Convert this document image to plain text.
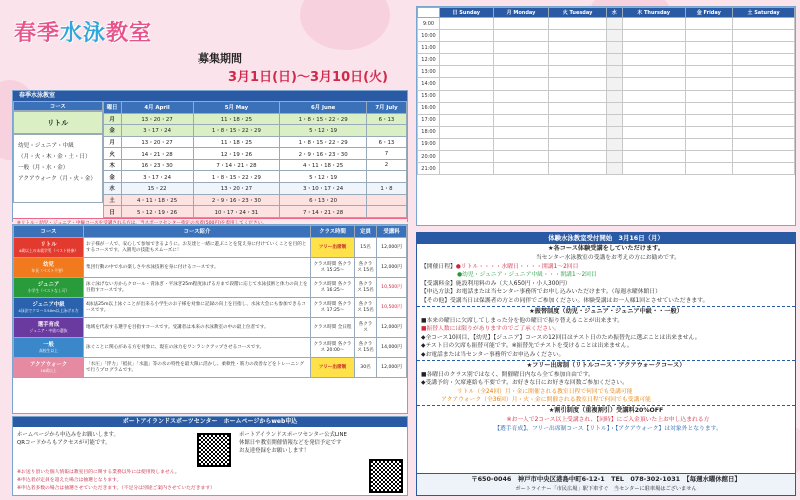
春季水泳教室
募集期間
3月1日(日)～3月10日(火)
春季水泳教室
コース
リトル
幼児・ジュニア・中級
（月・火・木・金・土・日）
一般（月・水・金）
アクアウォーク（月・火・金）
曜日	4月 April	5月 May	6月 June	7月 July
月	13・20・27	11・18・25	1・8・15・22・29	6・13
金	3・17・24	1・8・15・22・29	5・12・19	
月	13・20・27	11・18・25	1・8・15・22・29	6・13
火	14・21・28	12・19・26	2・9・16・23・30	7
木	16・23・30	7・14・21・28	4・11・18・25	2
金	3・17・24	1・8・15・22・29	5・12・19	
水	15・22	13・20・27	3・10・17・24	1・8
土	4・11・18・25	2・9・16・23・30	6・13・20	
日	5・12・19・26	10・17・24・31	7・14・21・28	
コース	コース紹介	クラス時間	定員	受講料

リトル
4歳以上の未就学児（ベスト持参）	お子様が一人で、安心して参加できるように。お友達と一緒に遊ぶことを覚え身に付けていくことを目的とするコースです。入園児の技能もスムーズに！	フリー出席制	15名	12,000円

幼児
年長（ベスト不要）	集団行動の中で水の楽しさや水泳技術を身に付けるコースです。	クラス時間 各クラス 15:25〜	各クラス 15名	12,000円

ジュニア
小学生（ベストなし可）	泳ぐ泳げない方からクロール・背泳ぎ・平泳ぎ25m程度泳げる方まで段階に応じて水泳技術と体力の向上を目指すコースです。	クラス時間 各クラス 16:25〜	各クラス 15名	10,500円

ジュニア中級
4泳法でクロール50m以上泳げる方	4泳法25m以上泳ぐことが出来る小学生のお子様を対象に記録の向上を目指し、水泳大会にも参加できるコースです。	クラス時間 各クラス 17:25〜	各クラス 15名	10,500円

選手育成
ジュニア・中級の選抜	地域を代表する選手を目指すコースです。受講者は本来の水泳教室の中の最上位者です。	クラス時間 全日程	各クラス	12,000円

一般
高校生以上	泳ぐことに関心がある方を対象に、現在の泳力をワンランクアップさせるコースです。	クラス時間 各クラス 20:00〜	各クラス 15名	14,000円

アクアウォーク
18歳以上	「水圧」「浮力」「抵抗」「水温」等の水の特性を最大限に活かし、柔軟性・筋力の改善などをトレーニングで行うプログラムです。	フリー出席制	30名	12,000円
ポートアイランドスポーツセンター　ホームページからweb申込
ホームページから申込みをお願いします。
QRコードからもアクセスが可能です。
ポートアイランドスポーツセンター公式LINE
休館日や教室開催情報などを発信予定です
お友達登録をお願いします！
※お送り頂いた個人情報は教室目的に関する業務以外には使用致しません。
※申込者が定員を超えた場合は抽選となります。
※申込者多数の場合は抽選させていただきます。（不足分は別途ご案内させていただきます）
	日 Sunday	月 Monday	火 Tuesday	水	木 Thursday	金 Friday	土 Saturday
9:00							
10:00							
11:00							
12:00							
13:00							
14:00							
15:00							
16:00							
17:00							
18:00							
19:00							
20:00							
21:00							
体験水泳教室受付開始　3月16日（月）
★各コース体験受講をしていただけます。
当センター水泳教室の受講をお考えの方にお勧めです。
【開催日程】●リトル・・・・水曜日・・・・開講1〜2回目
●幼児・ジュニア・ジュニア中級・・・開講1〜2回目
【受講料金】施設利用料のみ（大人650円・小人300円）
【申込方法】お電話または当センター事務所でお申し込みいただけます。（毎週水曜休館日）
【その他】受講当日は保護者の方との同伴でご参加ください。体験受講はお一人様1回とさせていただきます。
★振替制度（幼児・ジュニア・ジュニア中級・・一般）
■本来の曜日に欠席してしまった分を他の曜日で振り替えることが出来ます。
■振替人数には限りがありますのでご了承ください。
◆全コース10回目、【幼児】【ジュニア】コースの12回目はテスト日のため振替先に選ぶことは出来ません。
◆テスト日の欠席も振替可能です。※振替先でテストを受けることは出来ません。
◆お電話または当センター事務所でお申込みください。
★フリー出席制（リトルコース・アクアウォークコース）
■各曜日のクラス別ではなく、開催曜日内なら全て参加自由です。
◆受講予約・欠席連絡も不要です。お好きな日にお好きな回数ご参加ください。
リトル（全24回）月・金に開催される教室日程で何回でも受講可能
アクアウォーク（全36回）月・火・金に開催される教室日程で何回でも受講可能
★割引制度（重複割引）受講料20%OFF
※お一人で2コース以上受講され、【同時】にご入金頂いた上お申し込まれる方
【選手育成】、フリー出席制コース【リトル】・【アクアウォーク】は対象外となります。
〒650-0046　神戸市中央区港島中町6-12-1　TEL　078-302-1031　【毎週水曜休館日】
ポートライナー「市民広場」駅下車すぐ　当センターに駐車場はございません
